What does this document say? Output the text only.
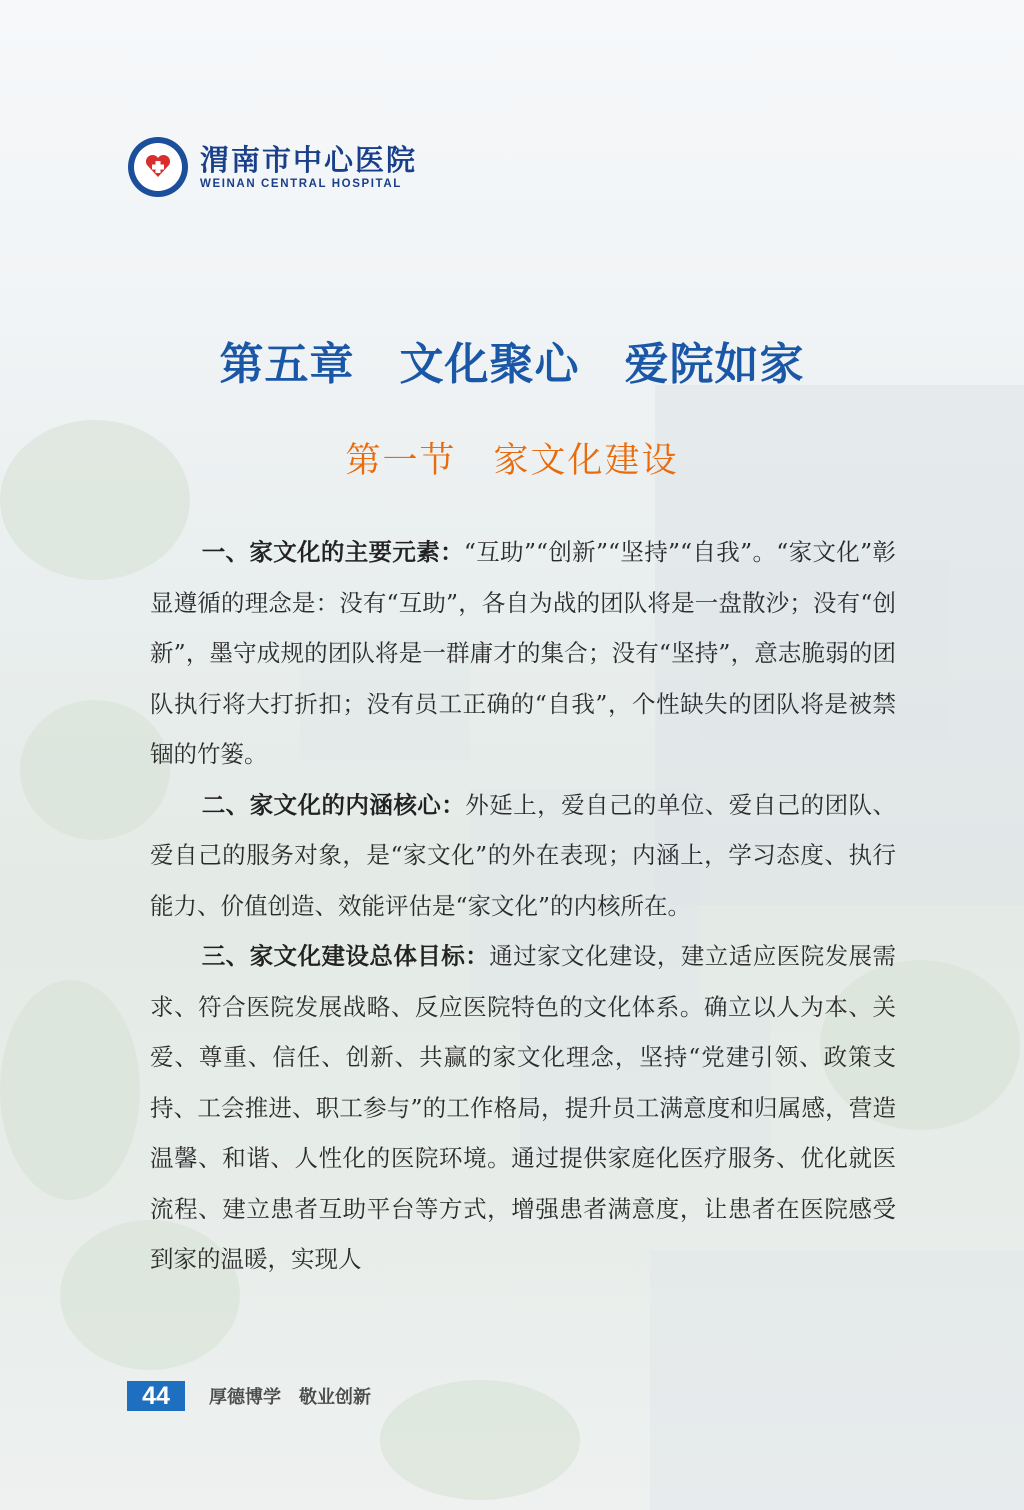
渭南市中心医院
WEINAN CENTRAL HOSPITAL
第五章　文化聚心　爱院如家
第一节　家文化建设

一、家文化的主要元素：“互助”“创新”“坚持”“自我”。“家文化”彰显遵循的理念是：没有“互助”，各自为战的团队将是一盘散沙；没有“创新”，墨守成规的团队将是一群庸才的集合；没有“坚持”，意志脆弱的团队执行将大打折扣；没有员工正确的“自我”，个性缺失的团队将是被禁锢的竹篓。

二、家文化的内涵核心：外延上，爱自己的单位、爱自己的团队、爱自己的服务对象，是“家文化”的外在表现；内涵上，学习态度、执行能力、价值创造、效能评估是“家文化”的内核所在。

三、家文化建设总体目标：通过家文化建设，建立适应医院发展需求、符合医院发展战略、反应医院特色的文化体系。确立以人为本、关爱、尊重、信任、创新、共赢的家文化理念，坚持“党建引领、政策支持、工会推进、职工参与”的工作格局，提升员工满意度和归属感，营造温馨、和谐、人性化的医院环境。通过提供家庭化医疗服务、优化就医流程、建立患者互助平台等方式，增强患者满意度，让患者在医院感受到家的温暖，实现人

44	厚德博学　敬业创新
